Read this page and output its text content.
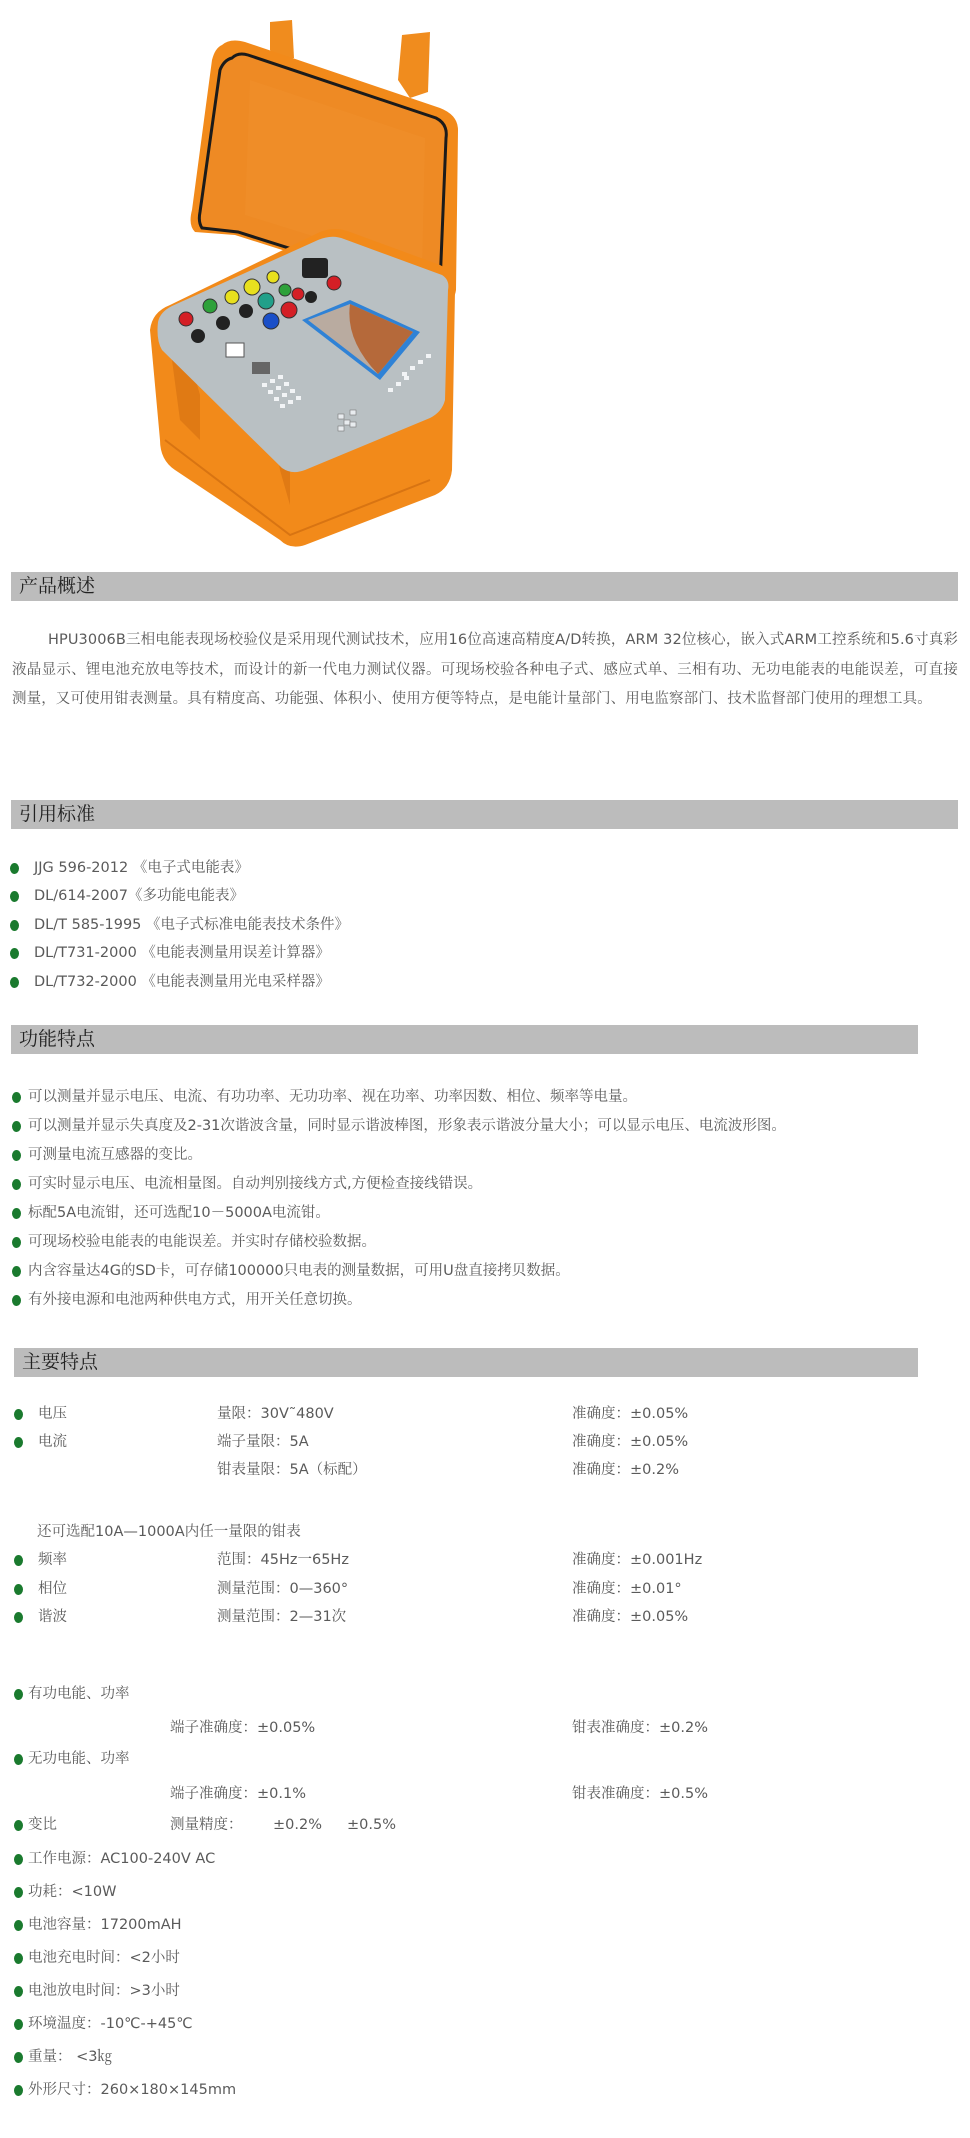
产品概述
HPU3006B三相电能表现场校验仪是采用现代测试技术，应用16位高速高精度A/D转换，ARM 32位核心，嵌入式ARM工控系统和5.6寸真彩液晶显示、锂电池充放电等技术，而设计的新一代电力测试仪器。可现场校验各种电子式、感应式单、三相有功、无功电能表的电能误差，可直接测量，又可使用钳表测量。具有精度高、功能强、体积小、使用方便等特点，是电能计量部门、用电监察部门、技术监督部门使用的理想工具。
引用标准
JJG 596-2012 《电子式电能表》
DL/614-2007《多功能电能表》
DL/T 585-1995 《电子式标准电能表技术条件》
DL/T731-2000 《电能表测量用误差计算器》
DL/T732-2000 《电能表测量用光电采样器》
功能特点
可以测量并显示电压、电流、有功功率、无功功率、视在功率、功率因数、相位、频率等电量。
可以测量并显示失真度及2-31次谐波含量，同时显示谐波棒图，形象表示谐波分量大小；可以显示电压、电流波形图。
可测量电流互感器的变比。
可实时显示电压、电流相量图。自动判别接线方式,方便检查接线错误。
标配5A电流钳，还可选配10－5000A电流钳。
可现场校验电能表的电能误差。并实时存储校验数据。
内含容量达4G的SD卡，可存储100000只电表的测量数据，可用U盘直接拷贝数据。
有外接电源和电池两种供电方式，用开关任意切换。
主要特点
电压	量限：30V˜480V	准确度：±0.05%
电流	端子量限：5A	准确度：±0.05%
钳表量限：5A（标配）	准确度：±0.2%
还可选配10A—1000A内任一量限的钳表
频率	范围：45Hz一65Hz	准确度：±0.001Hz
相位	测量范围：0—360°	准确度：±0.01°
谐波	测量范围：2—31次	准确度：±0.05%
有功电能、功率
端子准确度：±0.05%	钳表准确度：±0.2%
无功电能、功率
端子准确度：±0.1%	钳表准确度：±0.5%
变比	测量精度： ±0.2% ±0.5%
工作电源：AC100-240V AC
功耗：<10W
电池容量：17200mAH
电池充电时间：<2小时
电池放电时间：>3小时
环境温度：-10℃-+45℃
重量： <3㎏
外形尺寸：260×180×145mm
